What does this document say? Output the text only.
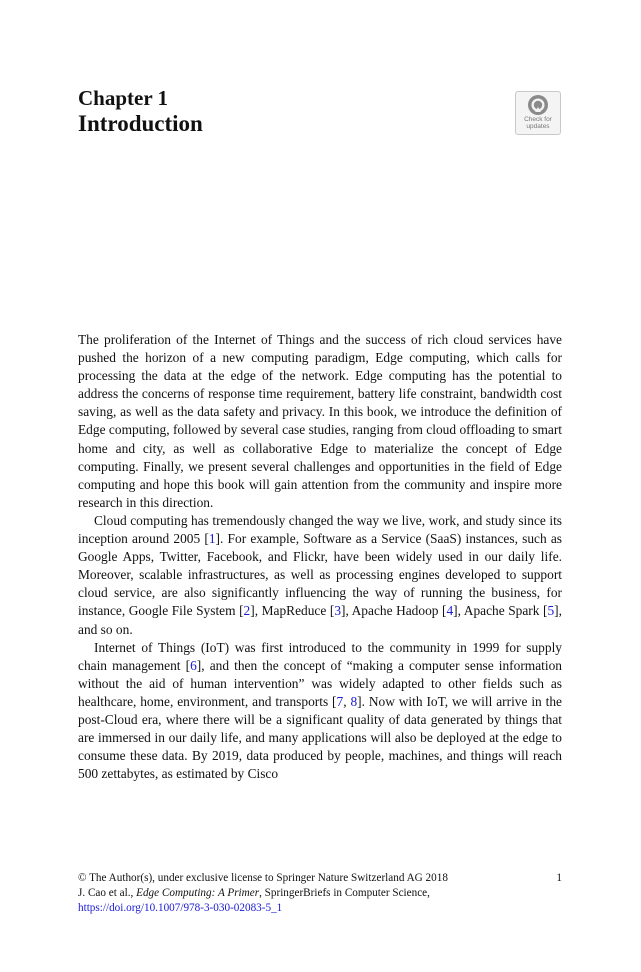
Chapter 1
Introduction	Check for
updates

The proliferation of the Internet of Things and the success of rich cloud services have pushed the horizon of a new computing paradigm, Edge computing, which calls for processing the data at the edge of the network. Edge computing has the potential to address the concerns of response time requirement, battery life constraint, bandwidth cost saving, as well as the data safety and privacy. In this book, we introduce the definition of Edge computing, followed by several case studies, ranging from cloud offloading to smart home and city, as well as collaborative Edge to materialize the concept of Edge computing. Finally, we present several challenges and opportunities in the field of Edge computing and hope this book will gain attention from the community and inspire more research in this direction.

Cloud computing has tremendously changed the way we live, work, and study since its inception around 2005 [1]. For example, Software as a Service (SaaS) instances, such as Google Apps, Twitter, Facebook, and Flickr, have been widely used in our daily life. Moreover, scalable infrastructures, as well as processing engines developed to support cloud service, are also significantly influencing the way of running the business, for instance, Google File System [2], MapReduce [3], Apache Hadoop [4], Apache Spark [5], and so on.

Internet of Things (IoT) was first introduced to the community in 1999 for supply chain management [6], and then the concept of “making a computer sense information without the aid of human intervention” was widely adapted to other fields such as healthcare, home, environment, and transports [7, 8]. Now with IoT, we will arrive in the post-Cloud era, where there will be a significant quality of data generated by things that are immersed in our daily life, and many applications will also be deployed at the edge to consume these data. By 2019, data produced by people, machines, and things will reach 500 zettabytes, as estimated by Cisco

© The Author(s), under exclusive license to Springer Nature Switzerland AG 2018
J. Cao et al., Edge Computing: A Primer, SpringerBriefs in Computer Science,
https://doi.org/10.1007/978-3-030-02083-5_1
1
